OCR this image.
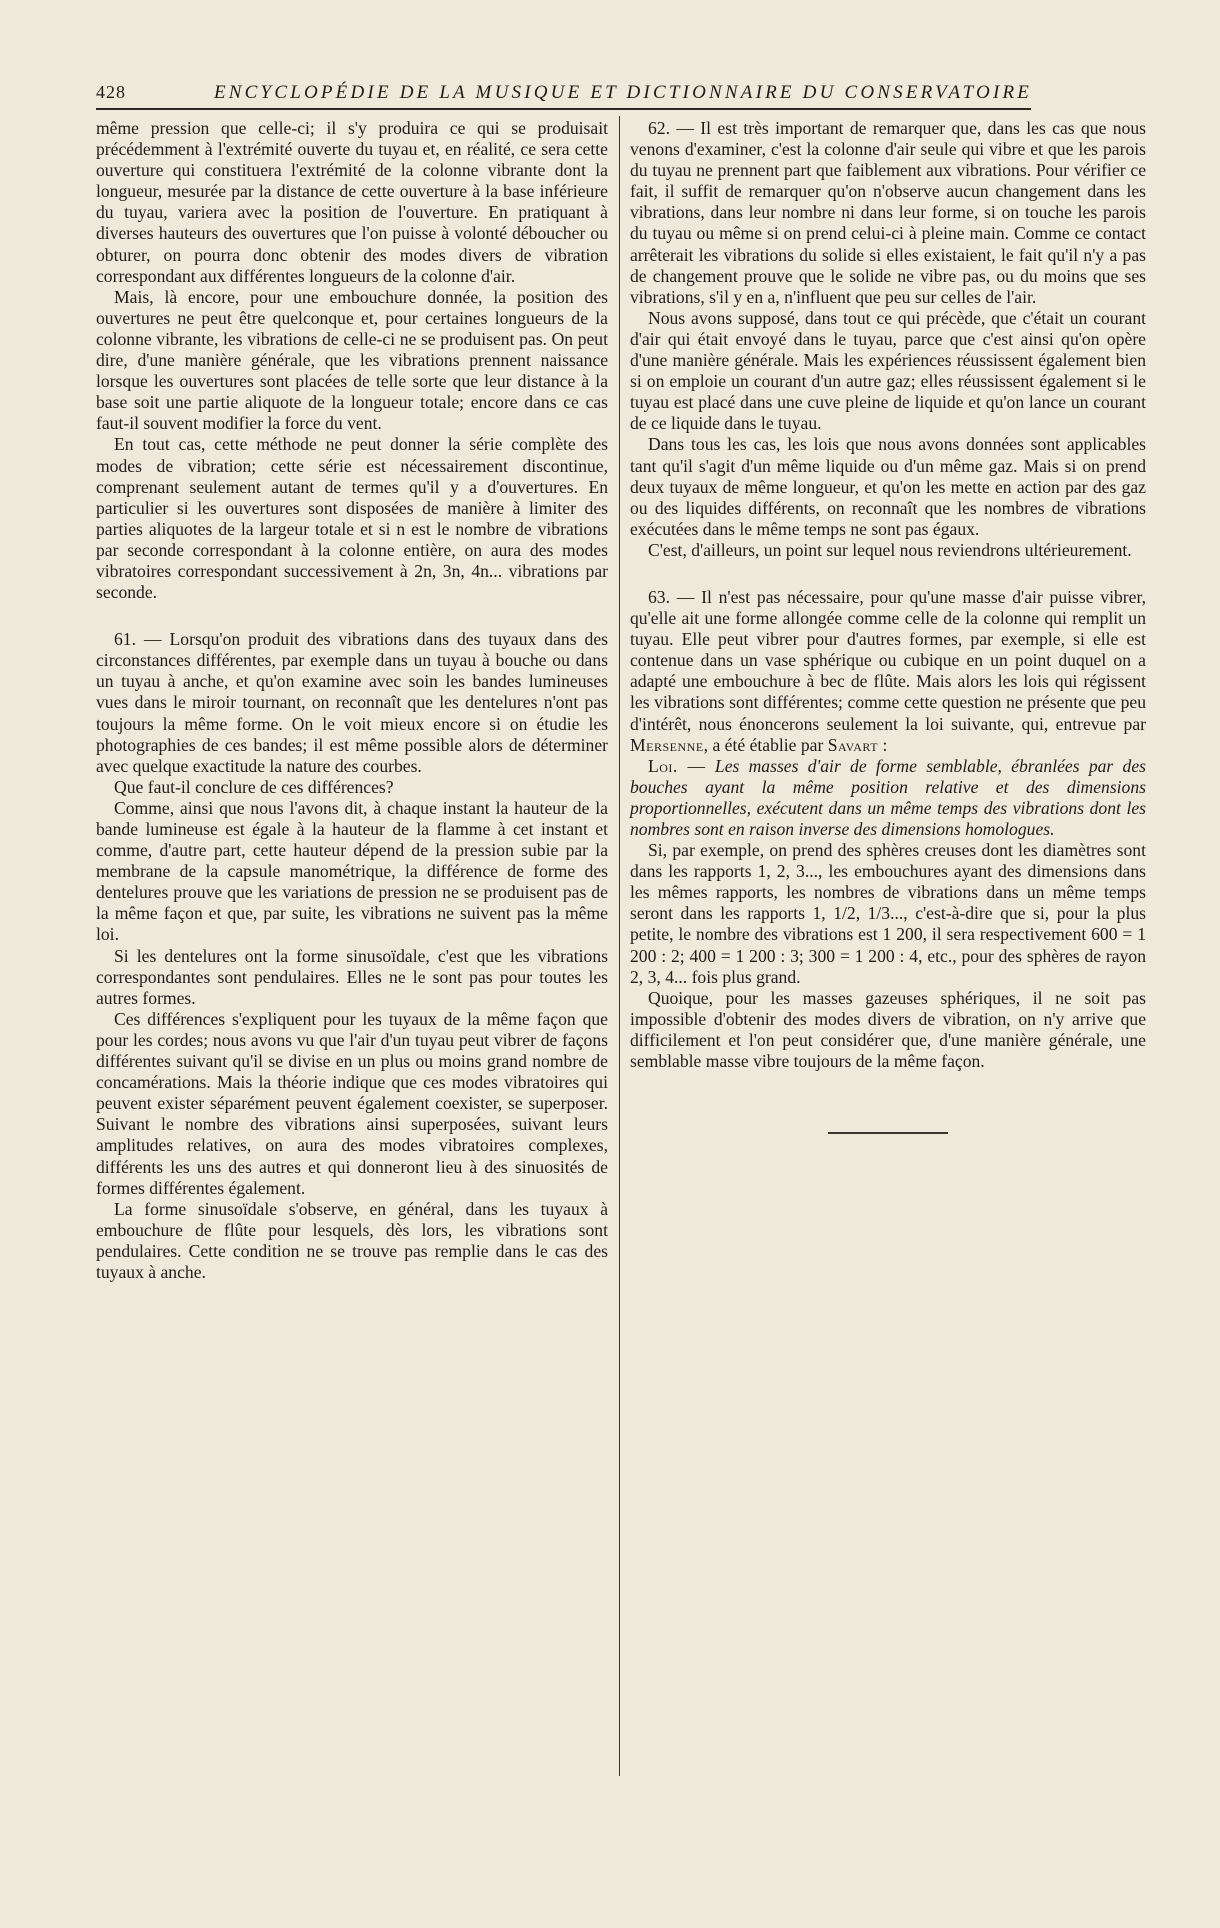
428	ENCYCLOPÉDIE DE LA MUSIQUE ET DICTIONNAIRE DU CONSERVATOIRE

même pression que celle-ci; il s'y produira ce qui se produisait précédemment à l'extrémité ouverte du tuyau et, en réalité, ce sera cette ouverture qui constituera l'extrémité de la colonne vibrante dont la longueur, mesurée par la distance de cette ouverture à la base inférieure du tuyau, variera avec la position de l'ouverture. En pratiquant à diverses hauteurs des ouvertures que l'on puisse à volonté déboucher ou obturer, on pourra donc obtenir des modes divers de vibration correspondant aux différentes longueurs de la colonne d'air.

Mais, là encore, pour une embouchure donnée, la position des ouvertures ne peut être quelconque et, pour certaines longueurs de la colonne vibrante, les vibrations de celle-ci ne se produisent pas. On peut dire, d'une manière générale, que les vibrations prennent naissance lorsque les ouvertures sont placées de telle sorte que leur distance à la base soit une partie aliquote de la longueur totale; encore dans ce cas faut-il souvent modifier la force du vent.

En tout cas, cette méthode ne peut donner la série complète des modes de vibration; cette série est nécessairement discontinue, comprenant seulement autant de termes qu'il y a d'ouvertures. En particulier si les ouvertures sont disposées de manière à limiter des parties aliquotes de la largeur totale et si n est le nombre de vibrations par seconde correspondant à la colonne entière, on aura des modes vibratoires correspondant successivement à 2n, 3n, 4n... vibrations par seconde.

61. — Lorsqu'on produit des vibrations dans des tuyaux dans des circonstances différentes, par exemple dans un tuyau à bouche ou dans un tuyau à anche, et qu'on examine avec soin les bandes lumineuses vues dans le miroir tournant, on reconnaît que les dentelures n'ont pas toujours la même forme. On le voit mieux encore si on étudie les photographies de ces bandes; il est même possible alors de déterminer avec quelque exactitude la nature des courbes.

Que faut-il conclure de ces différences?

Comme, ainsi que nous l'avons dit, à chaque instant la hauteur de la bande lumineuse est égale à la hauteur de la flamme à cet instant et comme, d'autre part, cette hauteur dépend de la pression subie par la membrane de la capsule manométrique, la différence de forme des dentelures prouve que les variations de pression ne se produisent pas de la même façon et que, par suite, les vibrations ne suivent pas la même loi.

Si les dentelures ont la forme sinusoïdale, c'est que les vibrations correspondantes sont pendulaires. Elles ne le sont pas pour toutes les autres formes.

Ces différences s'expliquent pour les tuyaux de la même façon que pour les cordes; nous avons vu que l'air d'un tuyau peut vibrer de façons différentes suivant qu'il se divise en un plus ou moins grand nombre de concamérations. Mais la théorie indique que ces modes vibratoires qui peuvent exister séparément peuvent également coexister, se superposer. Suivant le nombre des vibrations ainsi superposées, suivant leurs amplitudes relatives, on aura des modes vibratoires complexes, différents les uns des autres et qui donneront lieu à des sinuosités de formes différentes également.

La forme sinusoïdale s'observe, en général, dans les tuyaux à embouchure de flûte pour lesquels, dès lors, les vibrations sont pendulaires. Cette condition ne se trouve pas remplie dans le cas des tuyaux à anche.

62. — Il est très important de remarquer que, dans les cas que nous venons d'examiner, c'est la colonne d'air seule qui vibre et que les parois du tuyau ne prennent part que faiblement aux vibrations. Pour vérifier ce fait, il suffit de remarquer qu'on n'observe aucun changement dans les vibrations, dans leur nombre ni dans leur forme, si on touche les parois du tuyau ou même si on prend celui-ci à pleine main. Comme ce contact arrêterait les vibrations du solide si elles existaient, le fait qu'il n'y a pas de changement prouve que le solide ne vibre pas, ou du moins que ses vibrations, s'il y en a, n'influent que peu sur celles de l'air.

Nous avons supposé, dans tout ce qui précède, que c'était un courant d'air qui était envoyé dans le tuyau, parce que c'est ainsi qu'on opère d'une manière générale. Mais les expériences réussissent également bien si on emploie un courant d'un autre gaz; elles réussissent également si le tuyau est placé dans une cuve pleine de liquide et qu'on lance un courant de ce liquide dans le tuyau.

Dans tous les cas, les lois que nous avons données sont applicables tant qu'il s'agit d'un même liquide ou d'un même gaz. Mais si on prend deux tuyaux de même longueur, et qu'on les mette en action par des gaz ou des liquides différents, on reconnaît que les nombres de vibrations exécutées dans le même temps ne sont pas égaux.

C'est, d'ailleurs, un point sur lequel nous reviendrons ultérieurement.

63. — Il n'est pas nécessaire, pour qu'une masse d'air puisse vibrer, qu'elle ait une forme allongée comme celle de la colonne qui remplit un tuyau. Elle peut vibrer pour d'autres formes, par exemple, si elle est contenue dans un vase sphérique ou cubique en un point duquel on a adapté une embouchure à bec de flûte. Mais alors les lois qui régissent les vibrations sont différentes; comme cette question ne présente que peu d'intérêt, nous énoncerons seulement la loi suivante, qui, entrevue par Mersenne, a été établie par Savart :

Loi. — Les masses d'air de forme semblable, ébranlées par des bouches ayant la même position relative et des dimensions proportionnelles, exécutent dans un même temps des vibrations dont les nombres sont en raison inverse des dimensions homologues.

Si, par exemple, on prend des sphères creuses dont les diamètres sont dans les rapports 1, 2, 3..., les embouchures ayant des dimensions dans les mêmes rapports, les nombres de vibrations dans un même temps seront dans les rapports 1, 1/2, 1/3..., c'est-à-dire que si, pour la plus petite, le nombre des vibrations est 1 200, il sera respectivement 600 = 1 200 : 2; 400 = 1 200 : 3; 300 = 1 200 : 4, etc., pour des sphères de rayon 2, 3, 4... fois plus grand.

Quoique, pour les masses gazeuses sphériques, il ne soit pas impossible d'obtenir des modes divers de vibration, on n'y arrive que difficilement et l'on peut considérer que, d'une manière générale, une semblable masse vibre toujours de la même façon.
